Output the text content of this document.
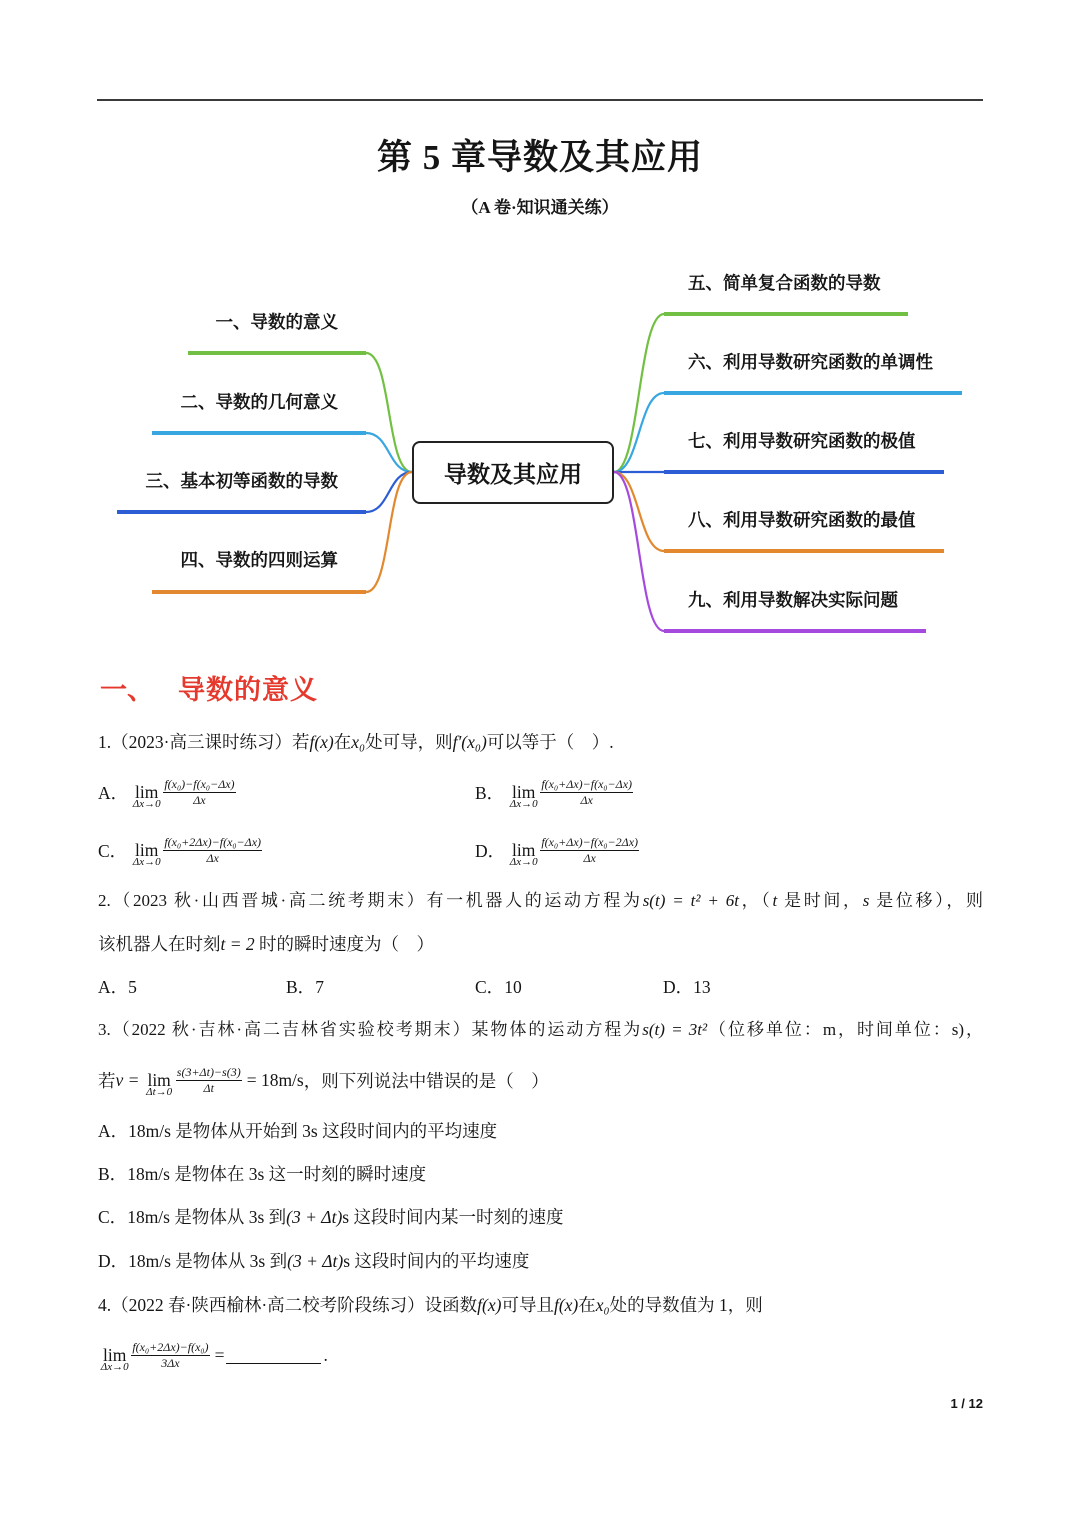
第 5 章导数及其应用
（A 卷·知识通关练）
导数及其应用
一、导数的意义
二、导数的几何意义
三、基本初等函数的导数
四、导数的四则运算
五、简单复合函数的导数
六、利用导数研究函数的单调性
七、利用导数研究函数的极值
八、利用导数研究函数的最值
九、利用导数解决实际问题
一、 导数的意义
1.（2023·高三课时练习）若f(x)在x₀处可导，则f′(x₀)可以等于（　）.
A． lim
$\Delta x\to 0 \frac{\text{f(x₀)−f(x₀−Δx)}}{\Delta x}$	B． lim
$\Delta x\to 0 \frac{\text{f(x₀+Δx)−f(x₀−Δx)}}{\Delta x}$
C． lim
$\Delta x\to 0 \frac{\text{f(x₀+2Δx)−f(x₀−Δx)}}{\Delta x}$	D． lim
$\Delta x\to 0 \frac{\text{f(x₀+Δx)−f(x₀−2Δx)}}{\Delta x}$
2.（2023 秋·山西晋城·高二统考期末）有一机器人的运动方程为s(t) = t² + 6t，（t 是时间，s 是位移），则
该机器人在时刻t = 2 时的瞬时速度为（　）
A．5	B．7	C．10	D．13
3.（2022 秋·吉林·高二吉林省实验校考期末）某物体的运动方程为s(t) = 3t²（位移单位：m，时间单位：s)，
若 v = lim
$\Delta t\to 0 \frac{s(3+\Delta t)-s(3)}{\Delta t} = 18m/s$ ，则下列说法中错误的是（　）
A．18m/s 是物体从开始到 3s 这段时间内的平均速度
B．18m/s 是物体在 3s 这一时刻的瞬时速度
C．18m/s 是物体从 3s 到(3 + Δt)s 这段时间内某一时刻的速度
D．18m/s 是物体从 3s 到(3 + Δt)s 这段时间内的平均速度
4.（2022 春·陕西榆林·高二校考阶段练习）设函数f(x)可导且f(x)在x₀处的导数值为 1，则
lim
$\Delta x\to 0 \frac{\text{f(x₀+2Δx)−f(x₀)}}{3\Delta x}$ =	.
1 / 12
